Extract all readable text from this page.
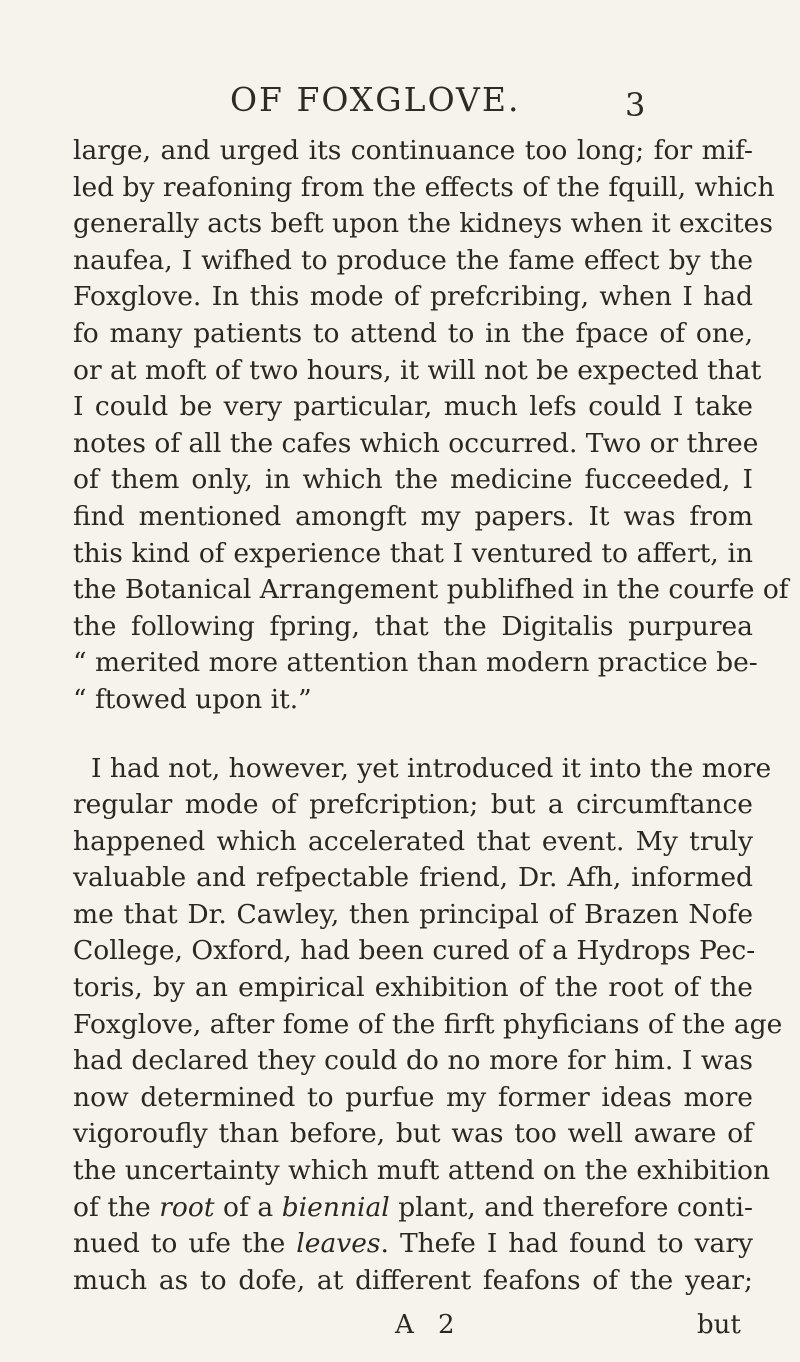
OF FOXGLOVE.	3
large, and urged its continuance too long; for mif-
led by reafoning from the effects of the fquill, which
generally acts beft upon the kidneys when it excites
naufea, I wifhed to produce the fame effect by the
Foxglove. In this mode of prefcribing, when I had
fo many patients to attend to in the fpace of one,
or at moft of two hours, it will not be expected that
I could be very particular, much lefs could I take
notes of all the cafes which occurred. Two or three
of them only, in which the medicine fucceeded, I
find mentioned amongft my papers. It was from
this kind of experience that I ventured to affert, in
the Botanical Arrangement publifhed in the courfe of
the following fpring, that the Digitalis purpurea
“ merited more attention than modern practice be-
“ ftowed upon it.”
I had not, however, yet introduced it into the more
regular mode of prefcription; but a circumftance
happened which accelerated that event. My truly
valuable and refpectable friend, Dr. Afh, informed
me that Dr. Cawley, then principal of Brazen Nofe
College, Oxford, had been cured of a Hydrops Pec-
toris, by an empirical exhibition of the root of the
Foxglove, after fome of the firft phyficians of the age
had declared they could do no more for him. I was
now determined to purfue my former ideas more
vigoroufly than before, but was too well aware of
the uncertainty which muft attend on the exhibition
of the root of a biennial plant, and therefore conti-
nued to ufe the leaves. Thefe I had found to vary
much as to dofe, at different feafons of the year;
A 2	but
